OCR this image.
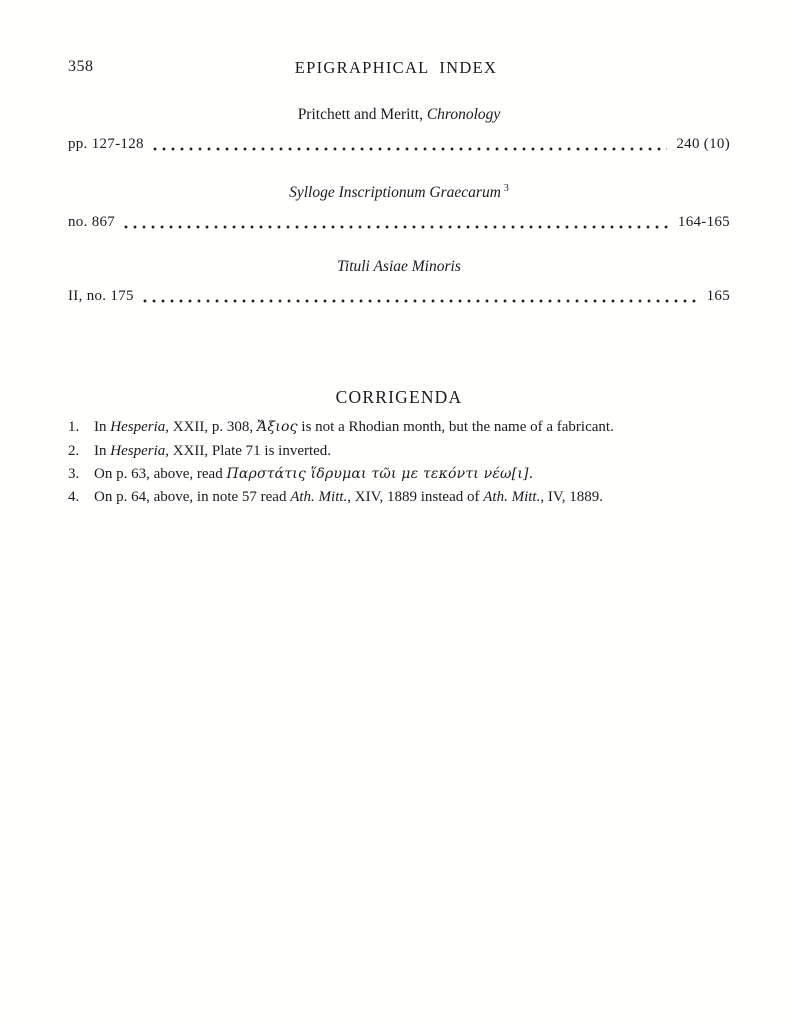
358	EPIGRAPHICAL INDEX
Pritchett and Meritt, Chronology
pp. 127-128	240 (10)
Sylloge Inscriptionum Graecarum $^3$
no. 867	164-165
Tituli Asiae Minoris
II, no. 175	165
CORRIGENDA
1. In Hesperia, XXII, p. 308, Ἄξιος is not a Rhodian month, but the name of a fabricant.
2. In Hesperia, XXII, Plate 71 is inverted.
3. On p. 63, above, read Παρστάτις ἵδρυμαι τῶι με τεκόντι νέω[ι].
4. On p. 64, above, in note 57 read Ath. Mitt., XIV, 1889 instead of Ath. Mitt., IV, 1889.
